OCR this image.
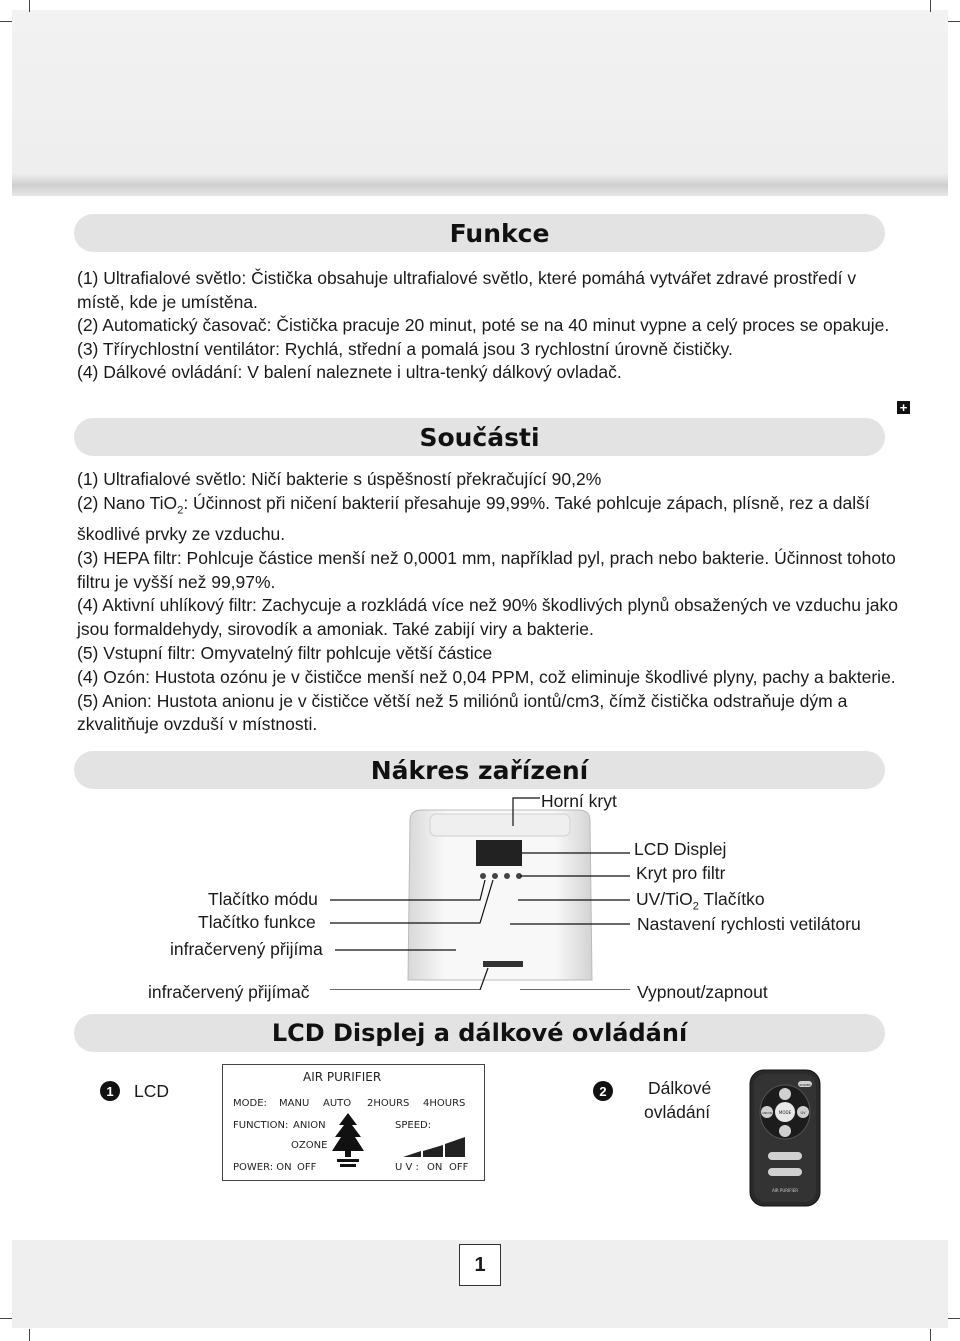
Funkce

(1) Ultrafialové světlo: Čistička obsahuje ultrafialové světlo, které pomáhá vytvářet zdravé prostředí v místě, kde je umístěna.

(2) Automatický časovač: Čistička pracuje 20 minut, poté se na 40 minut vypne a celý proces se opakuje.

(3) Třírychlostní ventilátor: Rychlá, střední a pomalá jsou 3 rychlostní úrovně čističky.

(4) Dálkové ovládání: V balení naleznete i ultra-tenký dálkový ovladač.

+
Součásti

(1) Ultrafialové světlo: Ničí bakterie s úspěšností překračující 90,2%

(2) Nano TiO$_2$: Účinnost při ničení bakterií přesahuje 99,99%. Také pohlcuje zápach, plísně, rez a další škodlivé prvky ze vzduchu.

(3) HEPA filtr: Pohlcuje částice menší než 0,0001 mm, například pyl, prach nebo bakterie. Účinnost tohoto filtru je vyšší než 99,97%.

(4) Aktivní uhlíkový filtr: Zachycuje a rozkládá více než 90% škodlivých plynů obsažených ve vzduchu jako jsou formaldehydy, sirovodík a amoniak. Také zabijí viry a bakterie.

(5) Vstupní filtr: Omyvatelný filtr pohlcuje větší částice

(4) Ozón: Hustota ozónu je v čističce menší než 0,04 PPM, což eliminuje škodlivé plyny, pachy a bakterie.

(5) Anion: Hustota anionu je v čističce větší než 5 miliónů iontů/cm3, čímž čistička odstraňuje dým a zkvalitňuje ovzduší v místnosti.

Nákres zařízení
Horní kryt
LCD Displej
Kryt pro filtr
UV/TiO$_2$ Tlačítko
Nastavení rychlosti vetilátoru
Tlačítko módu
Tlačítko funkce
infračervený přijíma
infračervený přijímač	Vypnout/zapnout
LCD Displej a dálkové ovládání
1	LCD
AIR PURIFIER
MODE: MANU AUTO 2HOURS 4HOURS
FUNCTION: ANION
OZONE
SPEED:
POWER: ON OFF	U V : ON OFF
2	Dálkové
ovládání
POWER
MODE
ANION	UV
AIR PURIFIER
1
